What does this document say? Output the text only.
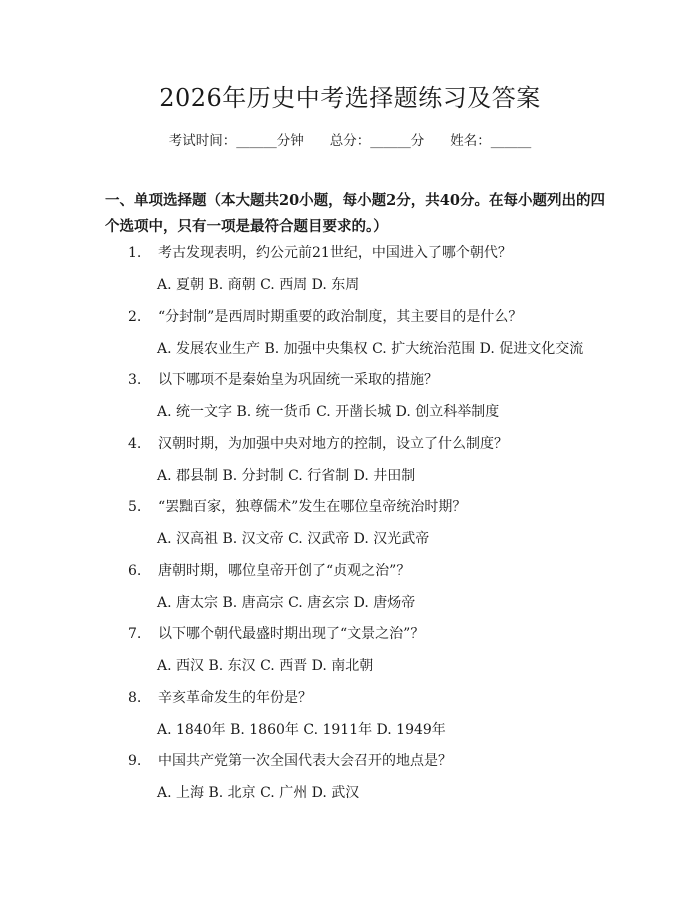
2026年历史中考选择题练习及答案
考试时间：______分钟 总分：______分 姓名：______
一、单项选择题（本大题共20小题，每小题2分，共40分。在每小题列出的四个选项中，只有一项是最符合题目要求的。）
1. 考古发现表明，约公元前21世纪，中国进入了哪个朝代？
A. 夏朝 B. 商朝 C. 西周 D. 东周
2. “分封制”是西周时期重要的政治制度，其主要目的是什么？
A. 发展农业生产 B. 加强中央集权 C. 扩大统治范围 D. 促进文化交流
3. 以下哪项不是秦始皇为巩固统一采取的措施？
A. 统一文字 B. 统一货币 C. 开凿长城 D. 创立科举制度
4. 汉朝时期，为加强中央对地方的控制，设立了什么制度？
A. 郡县制 B. 分封制 C. 行省制 D. 井田制
5. “罢黜百家，独尊儒术”发生在哪位皇帝统治时期？
A. 汉高祖 B. 汉文帝 C. 汉武帝 D. 汉光武帝
6. 唐朝时期，哪位皇帝开创了“贞观之治”？
A. 唐太宗 B. 唐高宗 C. 唐玄宗 D. 唐炀帝
7. 以下哪个朝代最盛时期出现了“文景之治”？
A. 西汉 B. 东汉 C. 西晋 D. 南北朝
8. 辛亥革命发生的年份是？
A. 1840年 B. 1860年 C. 1911年 D. 1949年
9. 中国共产党第一次全国代表大会召开的地点是？
A. 上海 B. 北京 C. 广州 D. 武汉
